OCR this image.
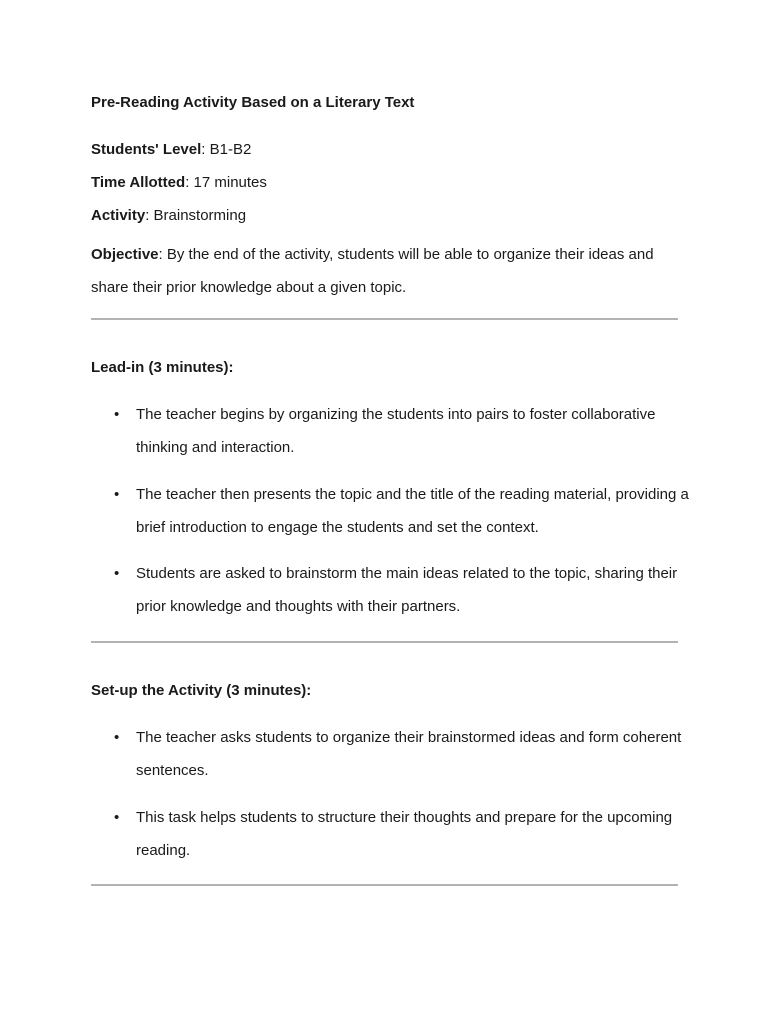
Pre-Reading Activity Based on a Literary Text
Students' Level: B1-B2
Time Allotted: 17 minutes
Activity: Brainstorming
Objective: By the end of the activity, students will be able to organize their ideas and share their prior knowledge about a given topic.
Lead-in (3 minutes):
• The teacher begins by organizing the students into pairs to foster collaborative thinking and interaction.
• The teacher then presents the topic and the title of the reading material, providing a brief introduction to engage the students and set the context.
• Students are asked to brainstorm the main ideas related to the topic, sharing their prior knowledge and thoughts with their partners.
Set-up the Activity (3 minutes):
• The teacher asks students to organize their brainstormed ideas and form coherent sentences.
• This task helps students to structure their thoughts and prepare for the upcoming reading.
